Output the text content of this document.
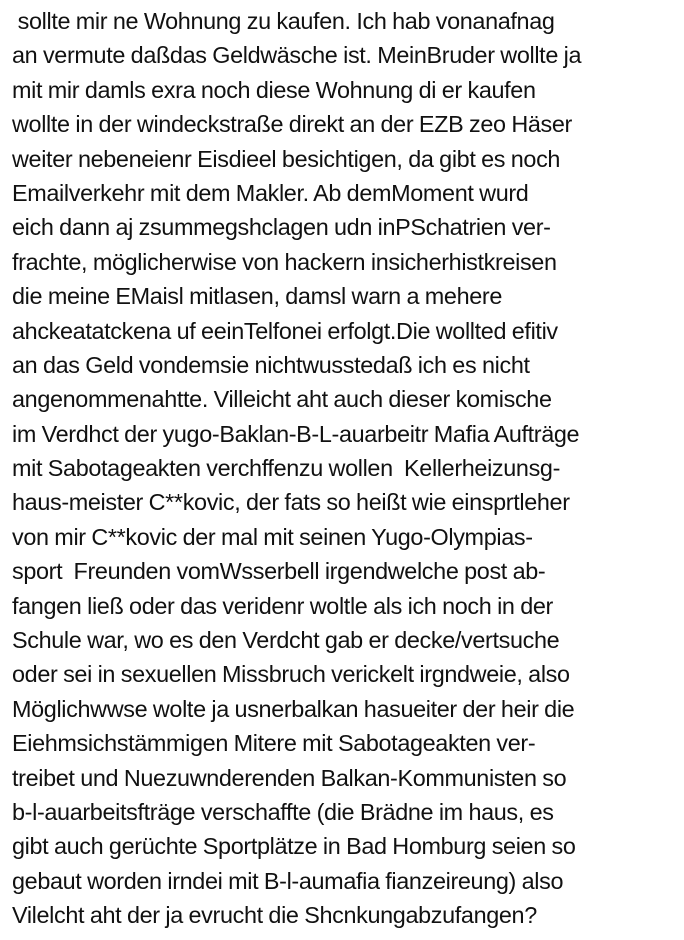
sollte mir ne Wohnung zu kaufen. Ich hab vonanafnag
an vermute daßdas Geldwäsche ist. MeinBruder wollte ja
mit mir damls exra noch diese Wohnung di er kaufen
wollte in der windeckstraße direkt an der EZB zeo Häser
weiter nebeneienr Eisdieel besichtigen, da gibt es noch
Emailverkehr mit dem Makler. Ab demMoment wurd
eich dann aj zsummegshclagen udn inPSchatrien ver-
frachte, möglicherwise von hackern insicherhistkreisen
die meine EMaisl mitlasen, damsl warn a mehere
ahckeatatckena uf eeinTelfonei erfolgt.Die wollted efitiv
an das Geld vondemsie nichtwusstedaß ich es nicht
angenommenahtte. Villeicht aht auch dieser komische
im Verdhct der yugo-Baklan-B-L-auarbeitr Mafia Aufträge
mit Sabotageakten verchffenzu wollen  Kellerheizunsg-
haus-meister C**kovic, der fats so heißt wie einsprtleher
von mir C**kovic der mal mit seinen Yugo-Olympias-
sport  Freunden vomWsserbell irgendwelche post ab-
fangen ließ oder das veridenr woltle als ich noch in der
Schule war, wo es den Verdcht gab er decke/vertsuche
oder sei in sexuellen Missbruch verickelt irgndweie, also
Möglichwwse wolte ja usnerbalkan hasueiter der heir die
Eiehmsichstämmigen Mitere mit Sabotageakten ver-
treibet und Nuezuwnderenden Balkan-Kommunisten so
b-l-auarbeitsfträge verschaffte (die Brädne im haus, es
gibt auch gerüchte Sportplätze in Bad Homburg seien so
gebaut worden irndei mit B-l-aumafia fianzeireung) also
Vilelcht aht der ja evrucht die Shcnkungabzufangen?
